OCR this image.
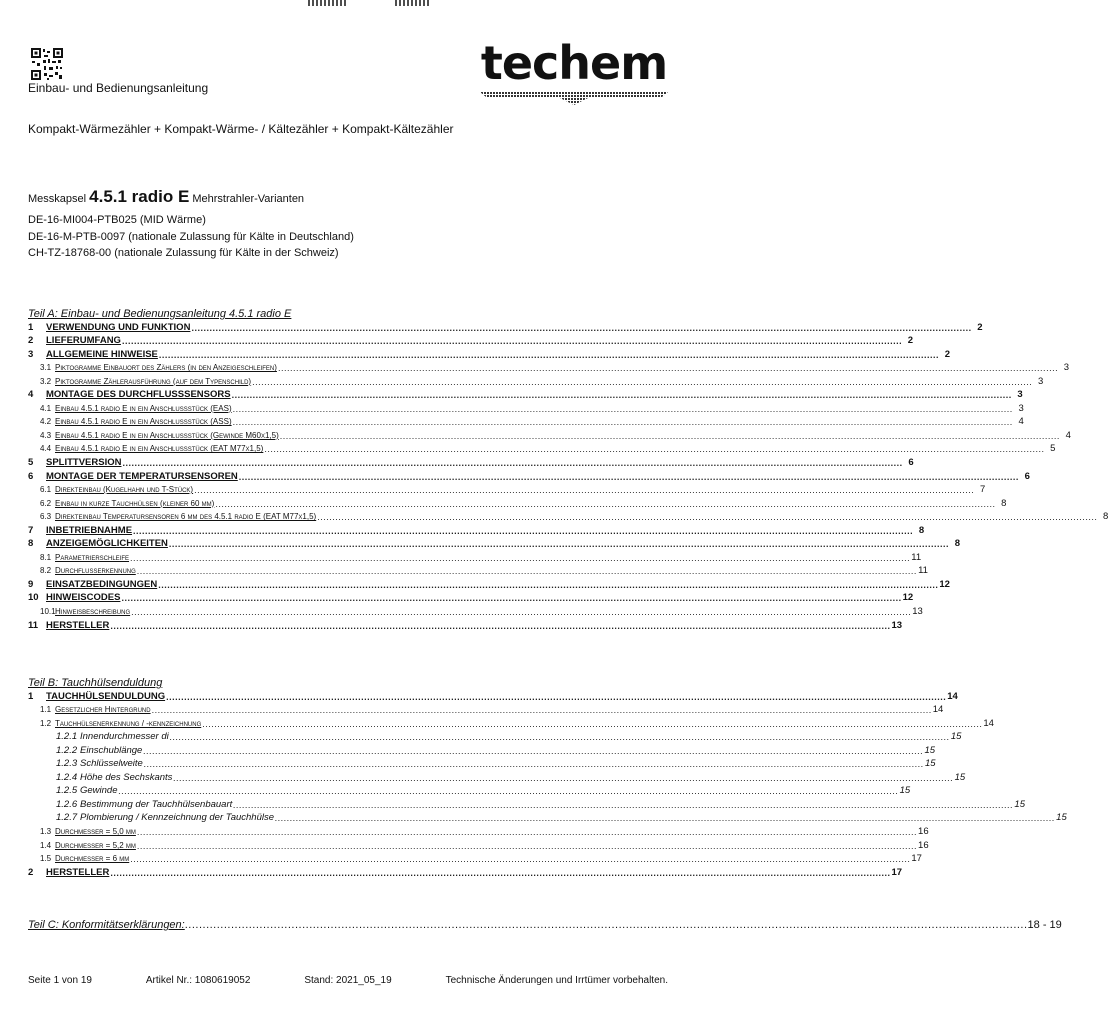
techem
Einbau- und Bedienungsanleitung
Kompakt-Wärmezähler + Kompakt-Wärme- / Kältezähler + Kompakt-Kältezähler
Messkapsel 4.5.1 radio E Mehrstrahler-Varianten
DE-16-MI004-PTB025 (MID Wärme)
DE-16-M-PTB-0097 (nationale Zulassung für Kälte in Deutschland)
CH-TZ-18768-00 (nationale Zulassung für Kälte in der Schweiz)
Teil A: Einbau- und Bedienungsanleitung 4.5.1 radio E
1 VERWENDUNG UND FUNKTION .................................................................................................................................................................................................................................................................... 2
2 LIEFERUMFANG .................................................................................................................................................................................................................................................................... 2
3 ALLGEMEINE HINWEISE .................................................................................................................................................................................................................................................................... 2
3.1 Piktogramme Einbauort des Zählers (in den Anzeigeschleifen) .................................................................................................................................................................................................................................................................... 3
3.2 Piktogramme Zählerausführung (auf dem Typenschild) .................................................................................................................................................................................................................................................................... 3
4 MONTAGE DES DURCHFLUSSSENSORS .................................................................................................................................................................................................................................................................... 3
4.1 Einbau 4.5.1 radio E in ein Anschlussstück (EAS) .................................................................................................................................................................................................................................................................... 3
4.2 Einbau 4.5.1 radio E in ein Anschlussstück (ASS) .................................................................................................................................................................................................................................................................... 4
4.3 Einbau 4.5.1 radio E in ein Anschlussstück (Gewinde M60x1,5) .................................................................................................................................................................................................................................................................... 4
4.4 Einbau 4.5.1 radio E in ein Anschlussstück (EAT M77x1,5) .................................................................................................................................................................................................................................................................... 5
5 SPLITTVERSION .................................................................................................................................................................................................................................................................... 6
6 MONTAGE DER TEMPERATURSENSOREN .................................................................................................................................................................................................................................................................... 6
6.1 Direkteinbau (Kugelhahn und T-Stück) .................................................................................................................................................................................................................................................................... 7
6.2 Einbau in kurze Tauchhülsen (kleiner 60 mm) .................................................................................................................................................................................................................................................................... 8
6.3 Direkteinbau Temperatursensoren 6 mm des 4.5.1 radio E (EAT M77x1,5) .................................................................................................................................................................................................................................................................... 8
7 INBETRIEBNAHME .................................................................................................................................................................................................................................................................... 8
8 ANZEIGEMÖGLICHKEITEN .................................................................................................................................................................................................................................................................... 8
8.1 Parametrierschleife .................................................................................................................................................................................................................................................................... 11
8.2 Durchflusserkennung .................................................................................................................................................................................................................................................................... 11
9 EINSATZBEDINGUNGEN .................................................................................................................................................................................................................................................................... 12
10 HINWEISCODES .................................................................................................................................................................................................................................................................... 12
10.1Hinweisbeschreibung .................................................................................................................................................................................................................................................................... 13
11 HERSTELLER .................................................................................................................................................................................................................................................................... 13
Teil B: Tauchhülsenduldung
1 TAUCHHÜLSENDULDUNG .................................................................................................................................................................................................................................................................... 14
1.1 Gesetzlicher Hintergrund .................................................................................................................................................................................................................................................................... 14
1.2 Tauchhülsenerkennung / -kennzeichnung .................................................................................................................................................................................................................................................................... 14
1.2.1 Innendurchmesser di .................................................................................................................................................................................................................................................................... 15
1.2.2 Einschublänge .................................................................................................................................................................................................................................................................... 15
1.2.3 Schlüsselweite .................................................................................................................................................................................................................................................................... 15
1.2.4 Höhe des Sechskants .................................................................................................................................................................................................................................................................... 15
1.2.5 Gewinde .................................................................................................................................................................................................................................................................... 15
1.2.6 Bestimmung der Tauchhülsenbauart .................................................................................................................................................................................................................................................................... 15
1.2.7 Plombierung / Kennzeichnung der Tauchhülse .................................................................................................................................................................................................................................................................... 15
1.3 Durchmesser = 5,0 mm .................................................................................................................................................................................................................................................................... 16
1.4 Durchmesser = 5,2 mm .................................................................................................................................................................................................................................................................... 16
1.5 Durchmesser = 6 mm .................................................................................................................................................................................................................................................................... 17
2 HERSTELLER .................................................................................................................................................................................................................................................................... 17
Teil C: Konformitätserklärungen: ............................................................................................................................................................................................................................................. 18 - 19
Seite 1 von 19	Artikel Nr.: 1080619052	Stand: 2021_05_19	Technische Änderungen und Irrtümer vorbehalten.
